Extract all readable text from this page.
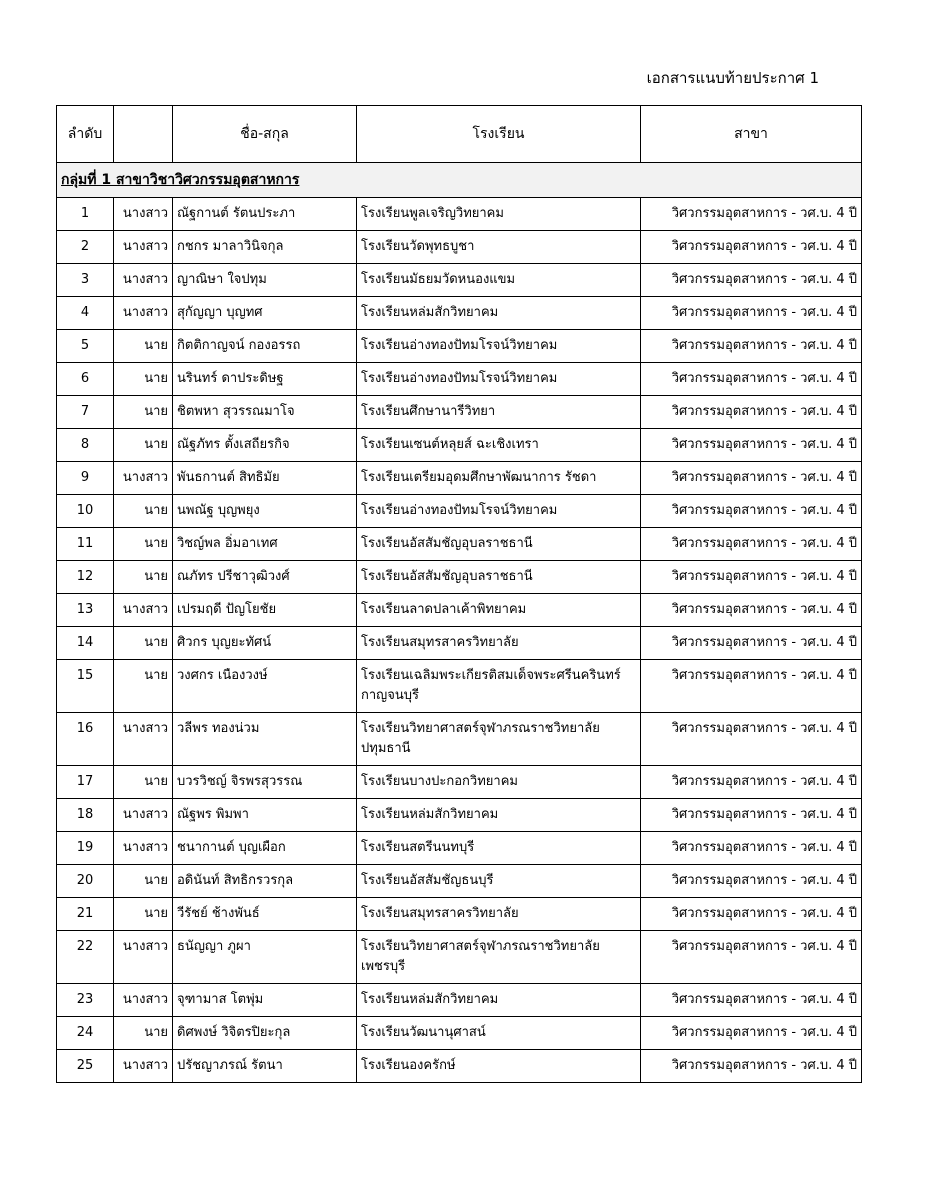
เอกสารแนบท้ายประกาศ 1
ลำดับ		ชื่อ-สกุล	โรงเรียน	สาขา
กลุ่มที่ 1 สาขาวิชาวิศวกรรมอุตสาหการ				
1	นางสาว	ณัฐกานต์ รัตนประภา	โรงเรียนพูลเจริญวิทยาคม	วิศวกรรมอุตสาหการ - วศ.บ. 4 ปี
2	นางสาว	กชกร มาลาวินิจกุล	โรงเรียนวัดพุทธบูชา	วิศวกรรมอุตสาหการ - วศ.บ. 4 ปี
3	นางสาว	ญาณิษา ใจปทุม	โรงเรียนมัธยมวัดหนองแขม	วิศวกรรมอุตสาหการ - วศ.บ. 4 ปี
4	นางสาว	สุกัญญา บุญทศ	โรงเรียนหล่มสักวิทยาคม	วิศวกรรมอุตสาหการ - วศ.บ. 4 ปี
5	นาย	กิตติกาญจน์ กองอรรถ	โรงเรียนอ่างทองปัทมโรจน์วิทยาคม	วิศวกรรมอุตสาหการ - วศ.บ. 4 ปี
6	นาย	นรินทร์ ดาประดิษฐ	โรงเรียนอ่างทองปัทมโรจน์วิทยาคม	วิศวกรรมอุตสาหการ - วศ.บ. 4 ปี
7	นาย	ชิตพหา สุวรรณมาโจ	โรงเรียนศึกษานารีวิทยา	วิศวกรรมอุตสาหการ - วศ.บ. 4 ปี
8	นาย	ณัฐภัทร ตั้งเสถียรกิจ	โรงเรียนเซนต์หลุยส์ ฉะเชิงเทรา	วิศวกรรมอุตสาหการ - วศ.บ. 4 ปี
9	นางสาว	พันธกานต์ สิทธิมัย	โรงเรียนเตรียมอุดมศึกษาพัฒนาการ รัชดา	วิศวกรรมอุตสาหการ - วศ.บ. 4 ปี
10	นาย	นพณัฐ บุญพยุง	โรงเรียนอ่างทองปัทมโรจน์วิทยาคม	วิศวกรรมอุตสาหการ - วศ.บ. 4 ปี
11	นาย	วิชญ์พล อิ่มอาเทศ	โรงเรียนอัสสัมชัญอุบลราชธานี	วิศวกรรมอุตสาหการ - วศ.บ. 4 ปี
12	นาย	ณภัทร ปรีชาวุฒิวงศ์	โรงเรียนอัสสัมชัญอุบลราชธานี	วิศวกรรมอุตสาหการ - วศ.บ. 4 ปี
13	นางสาว	เปรมฤดี ปัญโยชัย	โรงเรียนลาดปลาเค้าพิทยาคม	วิศวกรรมอุตสาหการ - วศ.บ. 4 ปี
14	นาย	ศิวกร บุญยะทัศน์	โรงเรียนสมุทรสาครวิทยาลัย	วิศวกรรมอุตสาหการ - วศ.บ. 4 ปี
15	นาย	วงศกร เนืองวงษ์	โรงเรียนเฉลิมพระเกียรติสมเด็จพระศรีนครินทร์ กาญจนบุรี	วิศวกรรมอุตสาหการ - วศ.บ. 4 ปี
16	นางสาว	วลีพร ทองน่วม	โรงเรียนวิทยาศาสตร์จุฬาภรณราชวิทยาลัย ปทุมธานี	วิศวกรรมอุตสาหการ - วศ.บ. 4 ปี
17	นาย	บวรวิชญ์ จิรพรสุวรรณ	โรงเรียนบางปะกอกวิทยาคม	วิศวกรรมอุตสาหการ - วศ.บ. 4 ปี
18	นางสาว	ณัฐพร พิมพา	โรงเรียนหล่มสักวิทยาคม	วิศวกรรมอุตสาหการ - วศ.บ. 4 ปี
19	นางสาว	ชนากานต์ บุญเผือก	โรงเรียนสตรีนนทบุรี	วิศวกรรมอุตสาหการ - วศ.บ. 4 ปี
20	นาย	อดินันท์ สิทธิกรวรกุล	โรงเรียนอัสสัมชัญธนบุรี	วิศวกรรมอุตสาหการ - วศ.บ. 4 ปี
21	นาย	วีรัชย์ ช้างพันธ์	โรงเรียนสมุทรสาครวิทยาลัย	วิศวกรรมอุตสาหการ - วศ.บ. 4 ปี
22	นางสาว	ธนัญญา ภูผา	โรงเรียนวิทยาศาสตร์จุฬาภรณราชวิทยาลัย เพชรบุรี	วิศวกรรมอุตสาหการ - วศ.บ. 4 ปี
23	นางสาว	จุฑามาส โตพุ่ม	โรงเรียนหล่มสักวิทยาคม	วิศวกรรมอุตสาหการ - วศ.บ. 4 ปี
24	นาย	ดิศพงษ์ วิจิตรปิยะกุล	โรงเรียนวัฒนานุศาสน์	วิศวกรรมอุตสาหการ - วศ.บ. 4 ปี
25	นางสาว	ปรัชญาภรณ์ รัตนา	โรงเรียนองครักษ์	วิศวกรรมอุตสาหการ - วศ.บ. 4 ปี
